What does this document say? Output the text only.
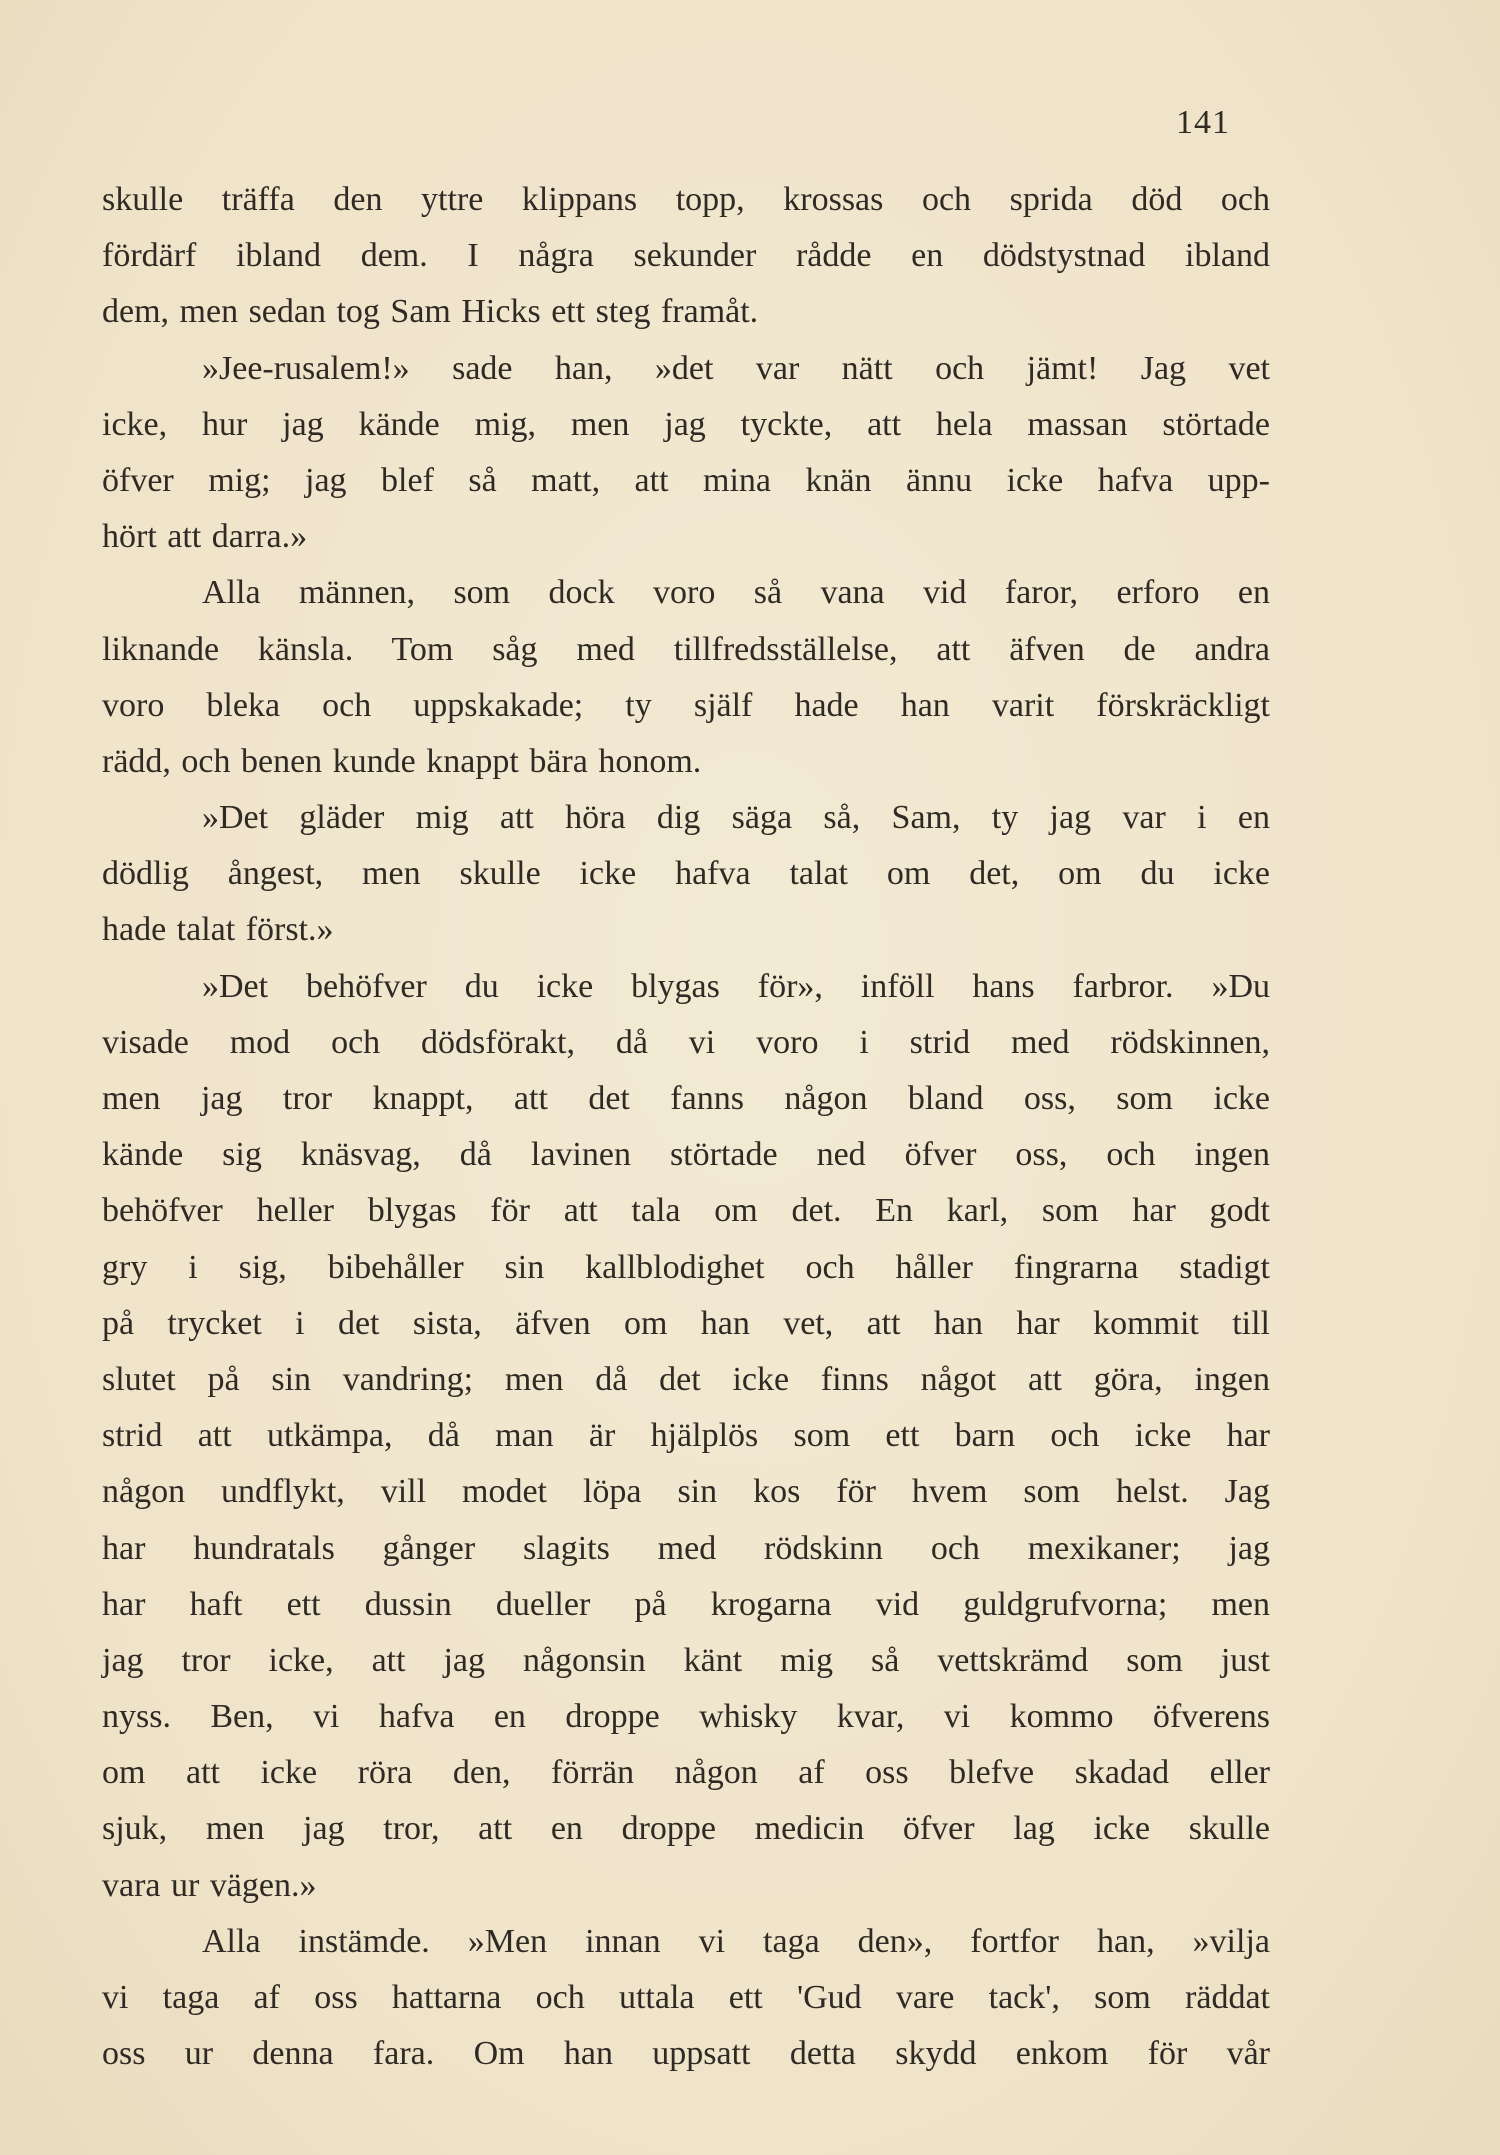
141
skulle träffa den yttre klippans topp, krossas och sprida död och
fördärf ibland dem. I några sekunder rådde en dödstystnad ibland
dem, men sedan tog Sam Hicks ett steg framåt.
»Jee-rusalem!» sade han, »det var nätt och jämt! Jag vet
icke, hur jag kände mig, men jag tyckte, att hela massan störtade
öfver mig; jag blef så matt, att mina knän ännu icke hafva upp-
hört att darra.»
Alla männen, som dock voro så vana vid faror, erforo en
liknande känsla. Tom såg med tillfredsställelse, att äfven de andra
voro bleka och uppskakade; ty själf hade han varit förskräckligt
rädd, och benen kunde knappt bära honom.
»Det gläder mig att höra dig säga så, Sam, ty jag var i en
dödlig ångest, men skulle icke hafva talat om det, om du icke
hade talat först.»
»Det behöfver du icke blygas för», inföll hans farbror. »Du
visade mod och dödsförakt, då vi voro i strid med rödskinnen,
men jag tror knappt, att det fanns någon bland oss, som icke
kände sig knäsvag, då lavinen störtade ned öfver oss, och ingen
behöfver heller blygas för att tala om det. En karl, som har godt
gry i sig, bibehåller sin kallblodighet och håller fingrarna stadigt
på trycket i det sista, äfven om han vet, att han har kommit till
slutet på sin vandring; men då det icke finns något att göra, ingen
strid att utkämpa, då man är hjälplös som ett barn och icke har
någon undflykt, vill modet löpa sin kos för hvem som helst. Jag
har hundratals gånger slagits med rödskinn och mexikaner; jag
har haft ett dussin dueller på krogarna vid guldgrufvorna; men
jag tror icke, att jag någonsin känt mig så vettskrämd som just
nyss. Ben, vi hafva en droppe whisky kvar, vi kommo öfverens
om att icke röra den, förrän någon af oss blefve skadad eller
sjuk, men jag tror, att en droppe medicin öfver lag icke skulle
vara ur vägen.»
Alla instämde. »Men innan vi taga den», fortfor han, »vilja
vi taga af oss hattarna och uttala ett 'Gud vare tack', som räddat
oss ur denna fara. Om han uppsatt detta skydd enkom för vår
